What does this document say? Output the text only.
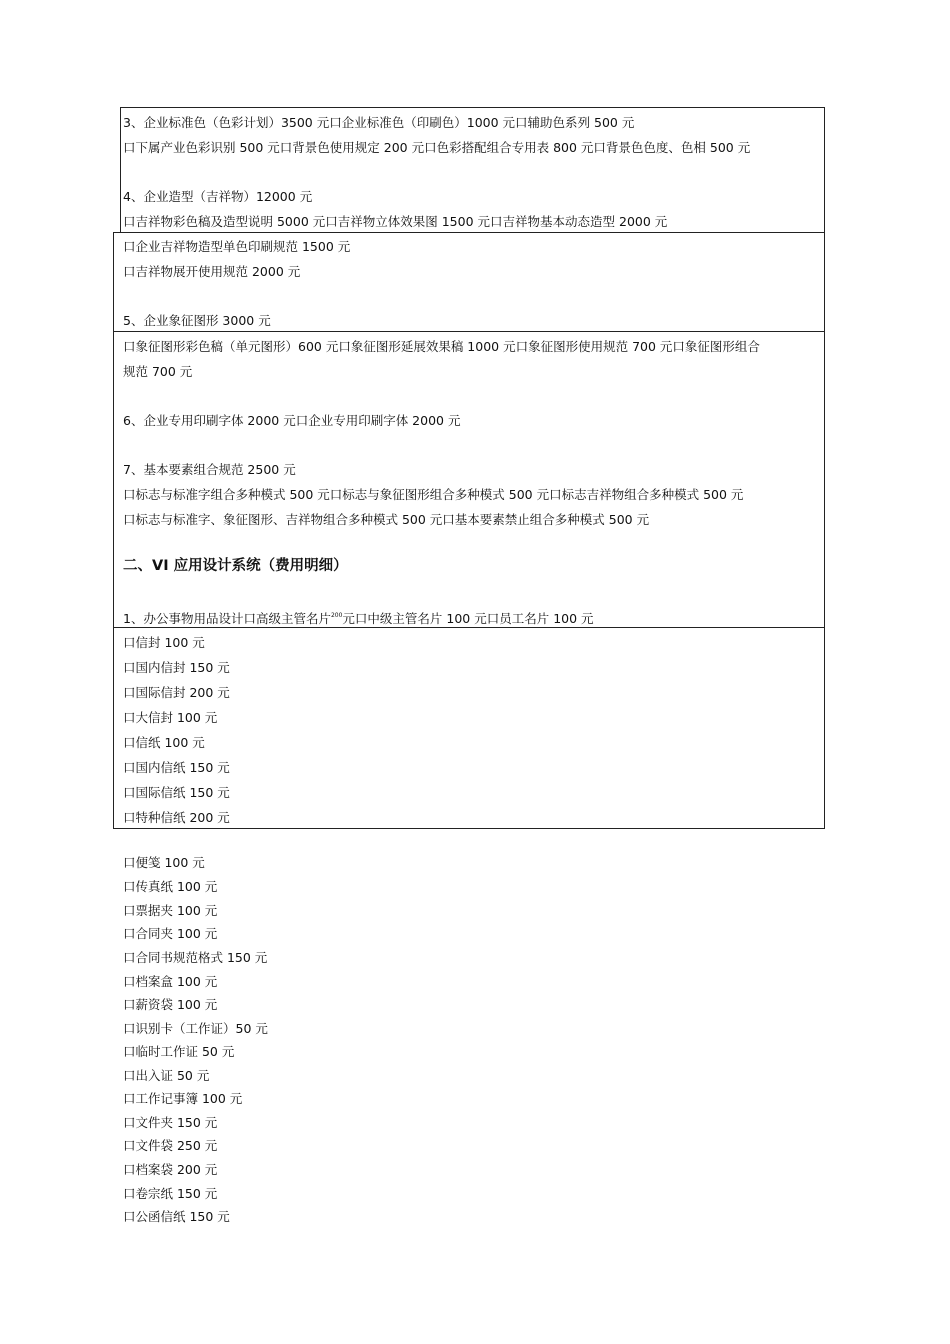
3、企业标准色（色彩计划）3500 元口企业标准色（印刷色）1000 元口辅助色系列 500 元
口下属产业色彩识别 500 元口背景色使用规定 200 元口色彩搭配组合专用表 800 元口背景色色度、色相 500 元
4、企业造型（吉祥物）12000 元
口吉祥物彩色稿及造型说明 5000 元口吉祥物立体效果图 1500 元口吉祥物基本动态造型 2000 元
口企业吉祥物造型单色印刷规范 1500 元
口吉祥物展开使用规范 2000 元
5、企业象征图形 3000 元
口象征图形彩色稿（单元图形）600 元口象征图形延展效果稿 1000 元口象征图形使用规范 700 元口象征图形组合
规范 700 元
6、企业专用印刷字体 2000 元口企业专用印刷字体 2000 元
7、基本要素组合规范 2500 元
口标志与标准字组合多种模式 500 元口标志与象征图形组合多种模式 500 元口标志吉祥物组合多种模式 500 元
口标志与标准字、象征图形、吉祥物组合多种模式 500 元口基本要素禁止组合多种模式 500 元
二、VI 应用设计系统（费用明细）
1、办公事物用品设计口高级主管名片$^{200}$元口中级主管名片 100 元口员工名片 100 元
口信封 100 元
口国内信封 150 元
口国际信封 200 元
口大信封 100 元
口信纸 100 元
口国内信纸 150 元
口国际信纸 150 元
口特种信纸 200 元
口便笺 100 元
口传真纸 100 元
口票据夹 100 元
口合同夹 100 元
口合同书规范格式 150 元
口档案盒 100 元
口薪资袋 100 元
口识别卡（工作证）50 元
口临时工作证 50 元
口出入证 50 元
口工作记事簿 100 元
口文件夹 150 元
口文件袋 250 元
口档案袋 200 元
口卷宗纸 150 元
口公函信纸 150 元
